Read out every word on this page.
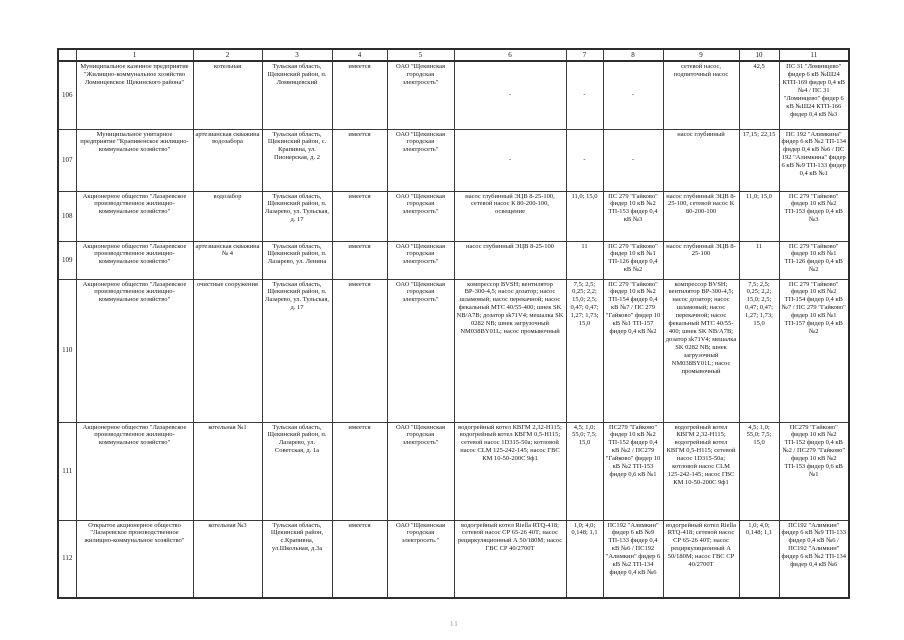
	1	2	3	4	5	6	7	8	9	10	11
106	Муниципальное казенное предприятие "Жилищно-коммунальное хозяйство Ломинцевское Щекинского района"	котельная	Тульская область, Щекинский район, п. Ломинцевский	имеется	ОАО "Щекинская городская электросеть"	-	-	-	сетевой насос, подпиточный насос	42,5	ПС 31 "Ломинцево" фидер 6 кВ №Ш24 КТП-169 фидер 0,4 кВ №4 / ПС 31 "Ломинцево" фидер 6 кВ №Ш24 КТП-166 фидер 0,4 кВ №3
107	Муниципальное унитарное предприятие "Крапивенское жилищно-коммунальное хозяйство"	артезианская скважина водозабора	Тульская область, Щекинский район, с. Крапивна, ул. Пионерская, д. 2	имеется	ОАО "Щекинская городская электросеть"	-	-	-	насос глубинный	17,15; 22,15	ПС 192 "Алимкина" фидер 6 кВ №2 ТП-134 фидер 0,4 кВ №6 / ПС 192 "Алимкина" фидер 6 кВ №9 ТП-133 фидер 0,4 кВ №1
108	Акционерное общество "Лазаревское производственное жилищно-коммунальное хозяйство"	водозабор	Тульская область, Щекинский район, п. Лазарево, ул. Тульская, д. 17	имеется	ОАО "Щекинская городская электросеть"	насос глубинный ЭЦВ 8-25-100, сетевой насос К 80-200-100, освещение	11,0; 15,0	ПС 279 "Гайково" фидер 10 кВ №2 ТП-153 фидер 0,4 кВ №3	насос глубинный ЭЦВ 8-25-100, сетевой насос К 80-200-100	11,0; 15,0	ПС 279 "Гайково" фидер 10 кВ №2 ТП-153 фидер 0,4 кВ №3
109	Акционерное общество "Лазаревское производственное жилищно-коммунальное хозяйство"	артезианская скважина № 4	Тульская область, Щекинский район, п. Лазарево, ул. Ленина	имеется	ОАО "Щекинская городская электросеть"	насос глубинный ЭЦВ 8-25-100	11	ПС 279 "Гайково" фидер 10 кВ №1 ТП-126 фидер 0,4 кВ №2	насос глубинный ЭЦВ 8-25-100	11	ПС 279 "Гайково" фидер 10 кВ №1 ТП-126 фидер 0,4 кВ №2
110	Акционерное общество "Лазаревское производственное жилищно-коммунальное хозяйство"	очистные сооружения	Тульская область, Щекинский район, п. Лазарево, ул. Тульская, д. 17	имеется	ОАО "Щекинская городская электросеть"	компрессор BVSH; вентилятор ВР-300-4,5; насос дозатор; насос шламовый; насос перекачной; насос фекальный МТС 40/55-400; шнек SK NB/A7B; дозатор sk71V4; мешалка SK 0282 NB; шнек загрузочный NM038BY01L; насос промывочный	7,5; 2,5; 0,25; 2,2; 15,0; 2,5; 0,47; 0,47; 1,27; 1,73; 15,0	ПС 279 "Гайково" фидер 10 кВ №2 ТП-154 фидер 0,4 кВ №7 / ПС 279 "Гайково" фидер 10 кВ №1 ТП-157 фидер 0,4 кВ №2	компрессор BVSH; вентилятор ВР-300-4,5; насос дозатор; насос шламовый; насос перекачной; насос фекальный МТС 40/55-400; шнек SK NB/A7B; дозатор sk71V4; мешалка SK 0282 NB; шнек загрузочный NM038BY01L; насос промывочный	7,5; 2,5; 0,25; 2,2; 15,0; 2,5; 0,47; 0,47; 1,27; 1,73; 15,0	ПС 279 "Гайково" фидер 10 кВ №2 ТП-154 фидер 0,4 кВ №7 / ПС 279 "Гайково" фидер 10 кВ №1 ТП-157 фидер 0,4 кВ №2
111	Акционерное общество "Лазаревское производственное жилищно-коммунальное хозяйство"	котельная №1	Тульская область, Щекинский район, п. Лазарево, ул. Советская, д. 1а	имеется	ОАО "Щекинская городская электросеть"	водогрейный котел КВГМ 2,32-Н115; водогрейный котел КВГМ 0,5-Н115; сетевой насос 1D315-50а; котловой насос CLM 125-242-145; насос ГВС КМ 10-50-200С 9ф1	4,5; 1,0; 55,0; 7,5; 15,0	ПС279 "Гайково" фидер 10 кВ №2 ТП-152 фидер 0,4 кВ №2 / ПС279 "Гайково" фидер 10 кВ №2 ТП-153 фидер 0,6 кВ №1	водогрейный котел КВГМ 2,32-Н115; водогрейный котел КВГМ 0,5-Н115; сетевой насос 1D315-50а; котловой насос CLM 125-242-145; насос ГВС КМ 10-50-200С 9ф1	4,5; 1,0; 55,0; 7,5; 15,0	ПС279 "Гайково" фидер 10 кВ №2 ТП-152 фидер 0,4 кВ №2 / ПС279 "Гайково" фидер 10 кВ №2 ТП-153 фидер 0,6 кВ №1
112	Открытое акционерное общество "Лазаревское производственное жилищно-коммунальное хозяйство"	котельная №3	Тульская область, Щекинский район, с.Крапивна, ул.Школьная, д.3а	имеется	ОАО "Щекинская городская электросеть."	водогрейный котел Riella RTQ-418; сетевой насос СР 65-26 40Т; насос рециркуляционный А 50/180М; насос ГВС СР 40/2700Т	1,0; 4,0; 0,148; 1,1	ПС192 "Алимкин" фидер 6 кВ №9 ТП-133 фидер 0,4 кВ №6 / ПС192 "Алимкин" фидер 6 кВ №2 ТП-134 фидер 0,4 кВ №6	водогрейный котел Riella RTQ-418; сетевой насос СР 65-26 40Т; насос рециркуляционный А 50/180М; насос ГВС СР 40/2700Т	1,0; 4,0; 0,148; 1,1	ПС192 "Алимкин" фидер 6 кВ №9 ТП-133 фидер 0,4 кВ №6 / ПС192 "Алимкин" фидер 6 кВ №2 ТП-134 фидер 0,4 кВ №6
11
